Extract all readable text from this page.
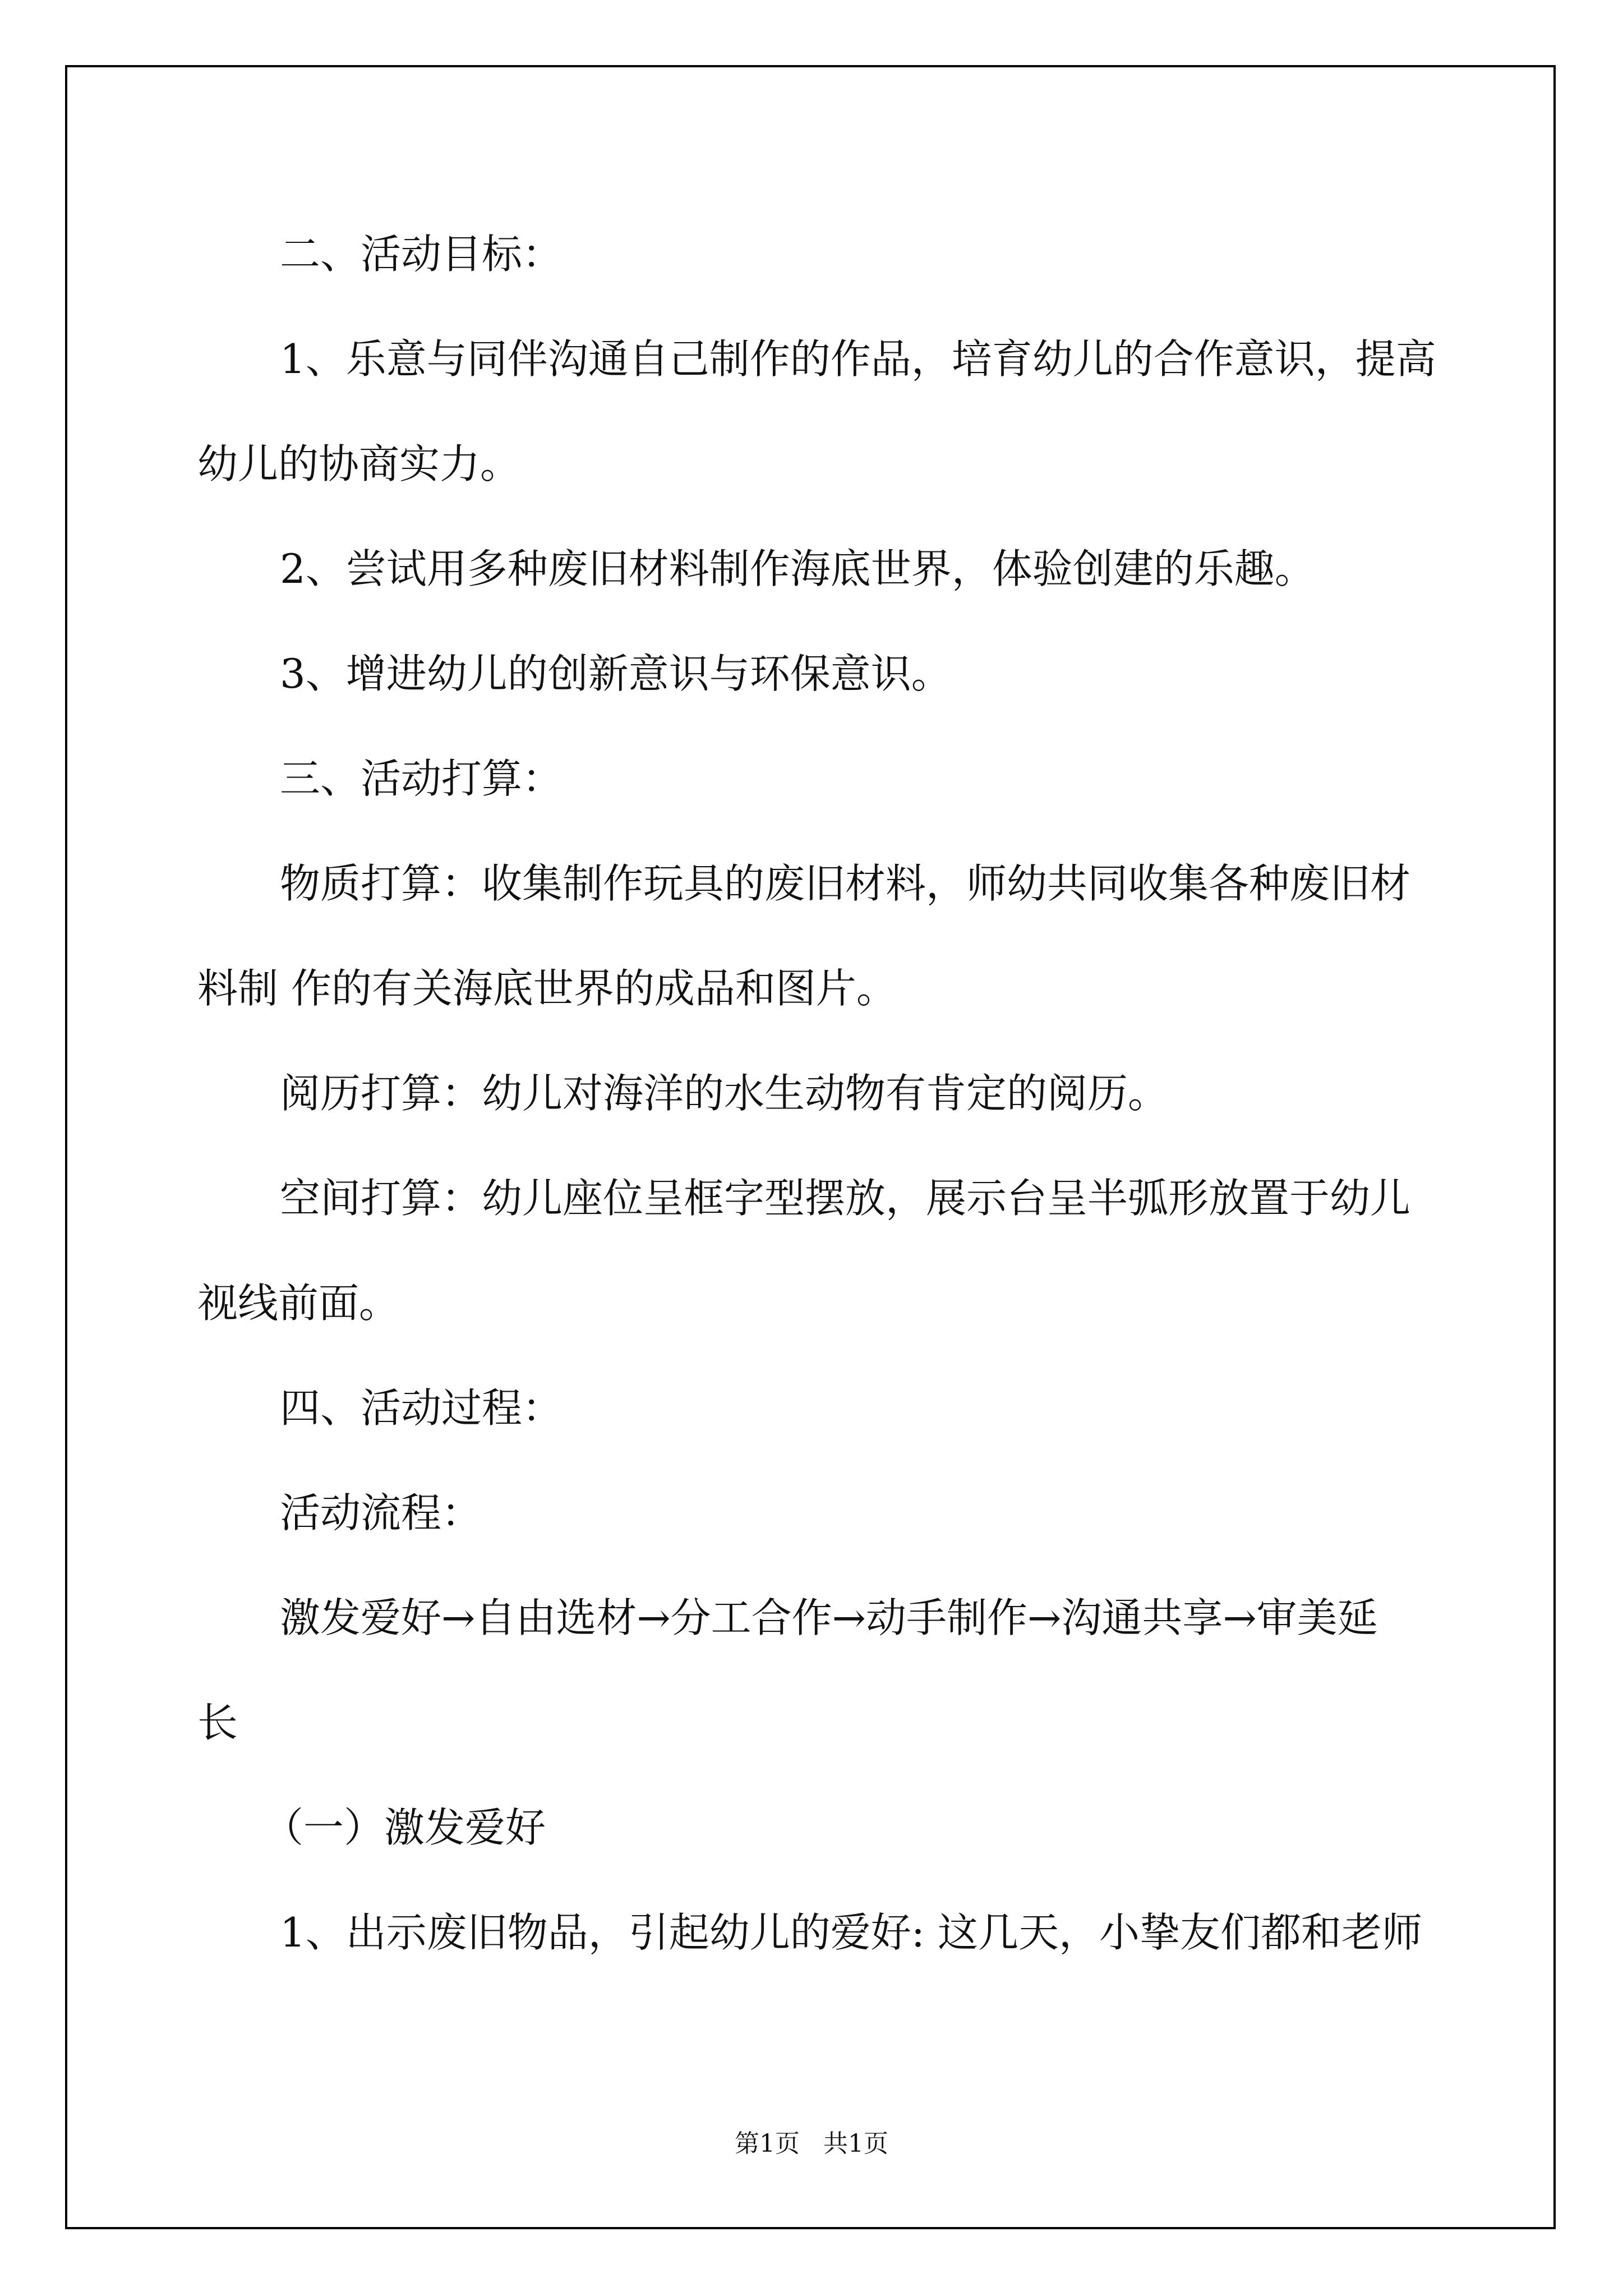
二、活动目标：

1、乐意与同伴沟通自己制作的作品，培育幼儿的合作意识，提高

幼儿的协商实力。

2、尝试用多种废旧材料制作海底世界，体验创建的乐趣。

3、增进幼儿的创新意识与环保意识。

三、活动打算：

物质打算：收集制作玩具的废旧材料，师幼共同收集各种废旧材

料制 作的有关海底世界的成品和图片。

阅历打算：幼儿对海洋的水生动物有肯定的阅历。

空间打算：幼儿座位呈框字型摆放，展示台呈半弧形放置于幼儿

视线前面。

四、活动过程：

活动流程：

激发爱好→自由选材→分工合作→动手制作→沟通共享→审美延

长

（一）激发爱好

1、出示废旧物品，引起幼儿的爱好: 这几天，小挚友们都和老师

第1页 共1页
